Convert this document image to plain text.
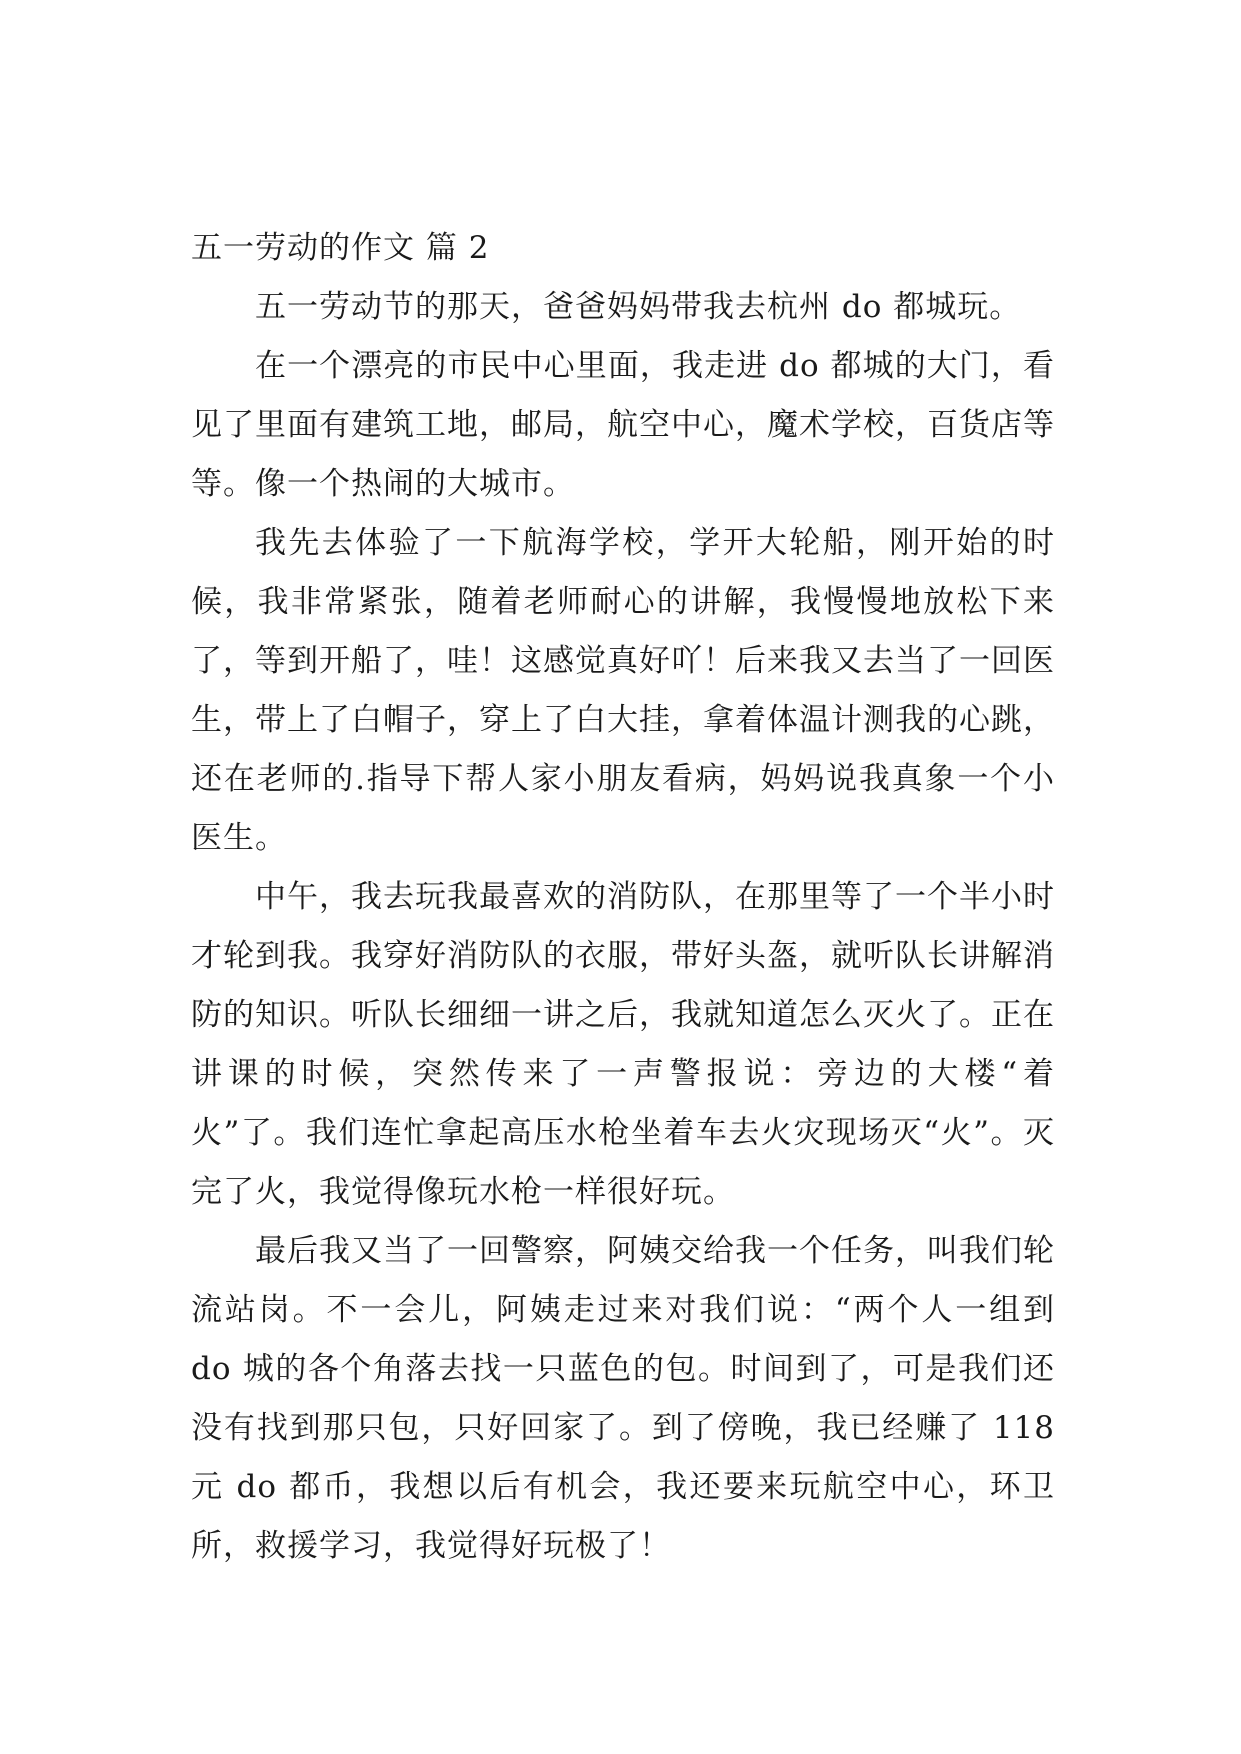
五一劳动的作文 篇 2

五一劳动节的那天，爸爸妈妈带我去杭州 do 都城玩。

在一个漂亮的市民中心里面，我走进 do 都城的大门，看见了里面有建筑工地，邮局，航空中心，魔术学校，百货店等等。像一个热闹的大城市。

我先去体验了一下航海学校，学开大轮船，刚开始的时候，我非常紧张，随着老师耐心的讲解，我慢慢地放松下来了，等到开船了，哇！这感觉真好吖！后来我又去当了一回医生，带上了白帽子，穿上了白大挂，拿着体温计测我的心跳，还在老师的.指导下帮人家小朋友看病，妈妈说我真象一个小医生。

中午，我去玩我最喜欢的消防队，在那里等了一个半小时才轮到我。我穿好消防队的衣服，带好头盔，就听队长讲解消防的知识。听队长细细一讲之后，我就知道怎么灭火了。正在讲课的时候，突然传来了一声警报说：旁边的大楼“着火”了。我们连忙拿起高压水枪坐着车去火灾现场灭“火”。灭完了火，我觉得像玩水枪一样很好玩。

最后我又当了一回警察，阿姨交给我一个任务，叫我们轮流站岗。不一会儿，阿姨走过来对我们说：“两个人一组到 do 城的各个角落去找一只蓝色的包。时间到了，可是我们还没有找到那只包，只好回家了。到了傍晚，我已经赚了 118 元 do 都币，我想以后有机会，我还要来玩航空中心，环卫所，救援学习，我觉得好玩极了！
